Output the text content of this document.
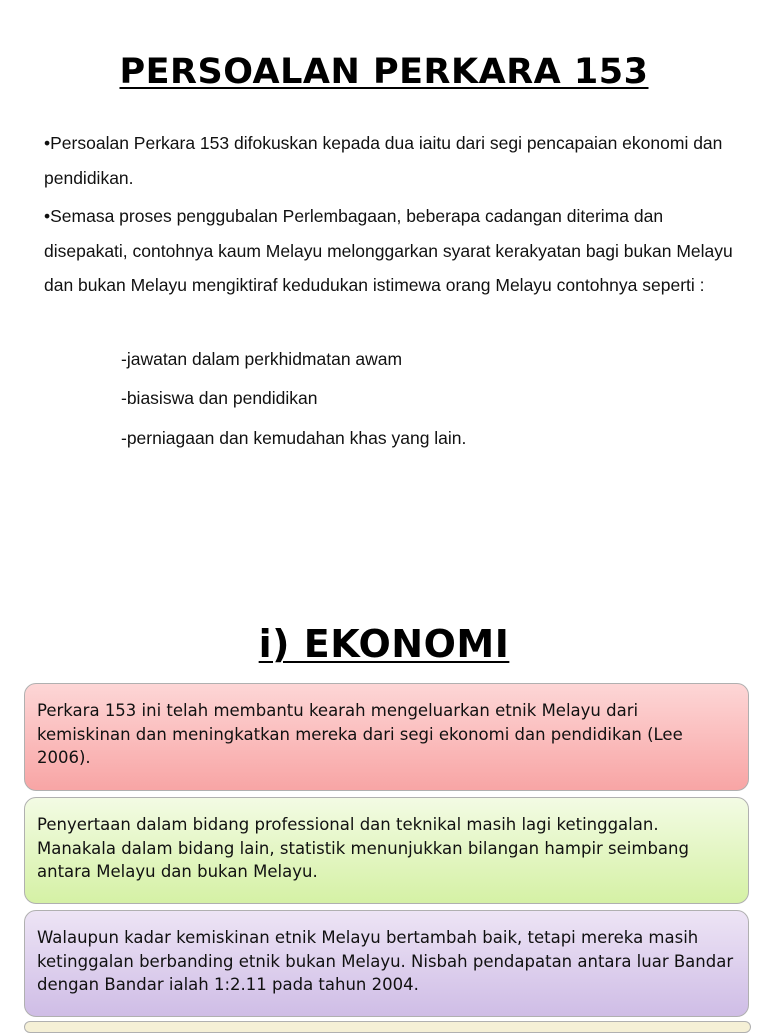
PERSOALAN PERKARA 153

•Persoalan Perkara 153 difokuskan kepada dua iaitu dari segi pencapaian ekonomi dan pendidikan.

•Semasa proses penggubalan Perlembagaan, beberapa cadangan diterima dan disepakati, contohnya kaum Melayu melonggarkan syarat kerakyatan bagi bukan Melayu dan bukan Melayu mengiktiraf kedudukan istimewa orang Melayu contohnya seperti :

-jawatan dalam perkhidmatan awam

-biasiswa dan pendidikan

-perniagaan dan kemudahan khas yang lain.

i) EKONOMI
Perkara 153 ini telah membantu kearah mengeluarkan etnik Melayu dari kemiskinan dan meningkatkan mereka dari segi ekonomi dan pendidikan (Lee 2006).
Penyertaan dalam bidang professional dan teknikal masih lagi ketinggalan. Manakala dalam bidang lain, statistik menunjukkan bilangan hampir seimbang antara Melayu dan bukan Melayu.
Walaupun kadar kemiskinan etnik Melayu bertambah baik, tetapi mereka masih ketinggalan berbanding etnik bukan Melayu. Nisbah pendapatan antara luar Bandar dengan Bandar ialah 1:2.11 pada tahun 2004.
